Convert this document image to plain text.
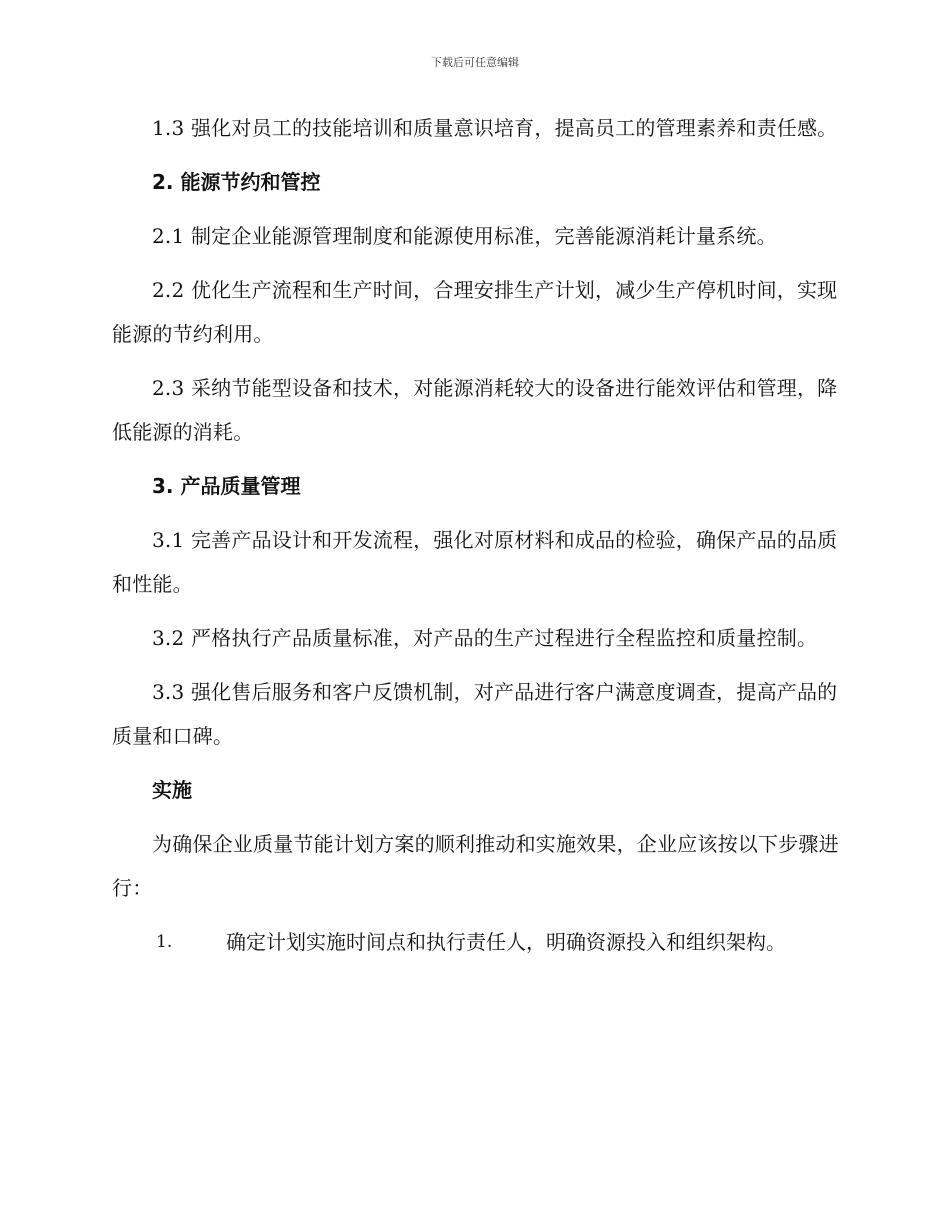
下载后可任意编辑

1.3 强化对员工的技能培训和质量意识培育，提高员工的管理素养和责任感。

2. 能源节约和管控

2.1 制定企业能源管理制度和能源使用标准，完善能源消耗计量系统。

2.2 优化生产流程和生产时间，合理安排生产计划，减少生产停机时间，实现能源的节约利用。

2.3 采纳节能型设备和技术，对能源消耗较大的设备进行能效评估和管理，降低能源的消耗。

3. 产品质量管理

3.1 完善产品设计和开发流程，强化对原材料和成品的检验，确保产品的品质和性能。

3.2 严格执行产品质量标准，对产品的生产过程进行全程监控和质量控制。

3.3 强化售后服务和客户反馈机制，对产品进行客户满意度调查，提高产品的质量和口碑。

实施

为确保企业质量节能计划方案的顺利推动和实施效果，企业应该按以下步骤进行：

1.	确定计划实施时间点和执行责任人，明确资源投入和组织架构。
